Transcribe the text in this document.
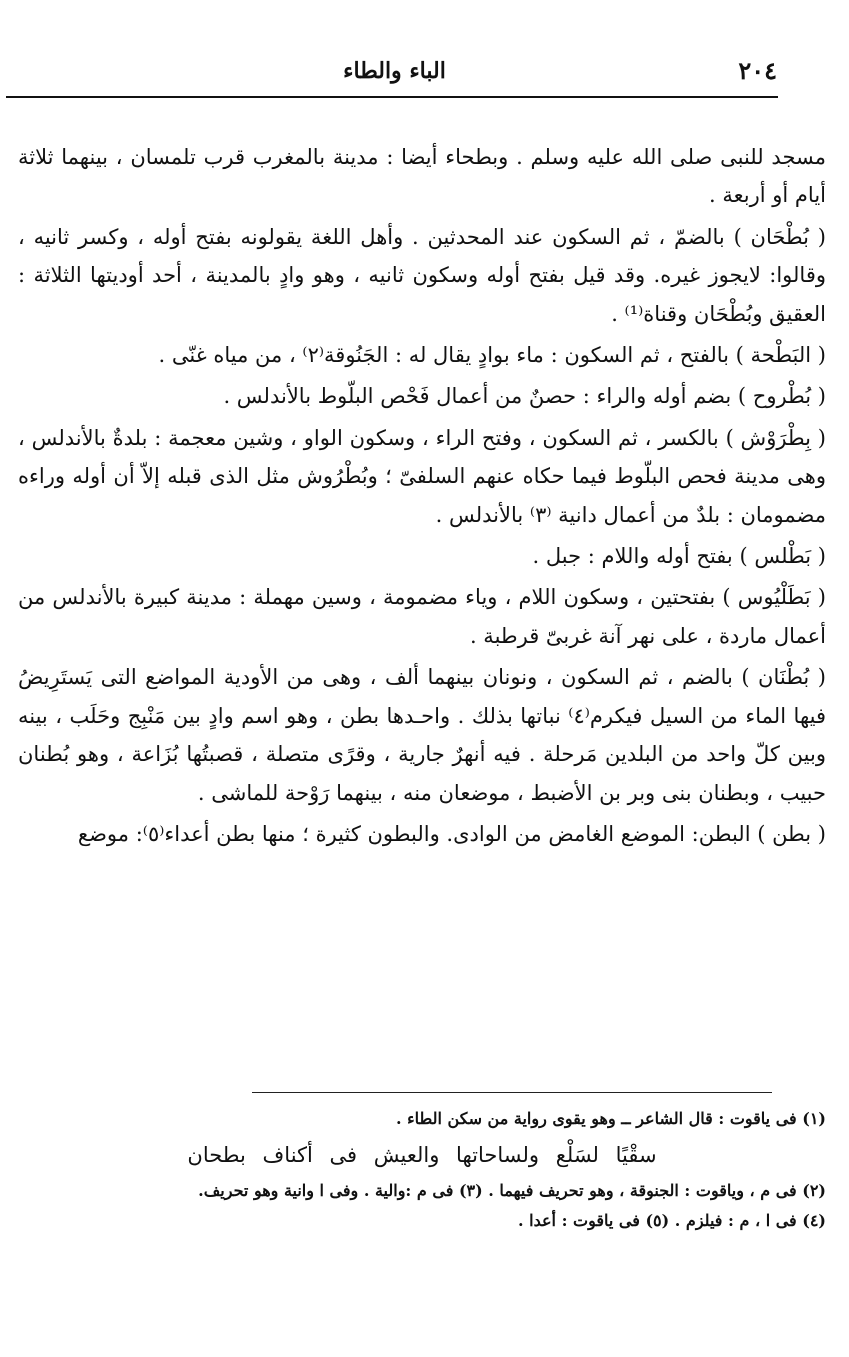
٢٠٤
الباء والطاء

مسجد للنبى صلى الله عليه وسلم . وبطحاء أيضا : مدينة بالمغرب قرب تلمسان ، بينهما ثلاثة أيام أو أربعة .

( بُطْحَان ) بالضمّ ، ثم السكون عند المحدثين . وأهل اللغة يقولونه بفتح أوله ، وكسر ثانيه ، وقالوا: لايجوز غيره. وقد قيل بفتح أوله وسكون ثانيه ، وهو وادٍ بالمدينة ، أحد أوديتها الثلاثة : العقيق وبُطْحَان وقناة⁽¹⁾ .

( البَطْحة ) بالفتح ، ثم السكون : ماء بوادٍ يقال له : الجَنُوقة⁽٢⁾ ، من مياه غنّى .

( بُطْروح ) بضم أوله والراء : حصنٌ من أعمال فَحْص البلّوط بالأندلس .

( بِطْرَوْش ) بالكسر ، ثم السكون ، وفتح الراء ، وسكون الواو ، وشين معجمة : بلدةٌ بالأندلس ، وهى مدينة فحص البلّوط فيما حكاه عنهم السلفىّ ؛ وبُطْرُوش مثل الذى قبله إلاّ أن أوله وراءه مضمومان : بلدٌ من أعمال دانية ⁽٣⁾ بالأندلس .

( بَطْلس ) بفتح أوله واللام : جبل .

( بَطَلْيُوس ) بفتحتين ، وسكون اللام ، وياء مضمومة ، وسين مهملة : مدينة كبيرة بالأندلس من أعمال ماردة ، على نهر آنة غربىّ قرطبة .

( بُطْنَان ) بالضم ، ثم السكون ، ونونان بينهما ألف ، وهى من الأودية المواضع التى يَستَرِيضُ فيها الماء من السيل فيكرم⁽٤⁾ نباتها بذلك . واحـدها بطن ، وهو اسم وادٍ بين مَنْبِج وحَلَب ، بينه وبين كلّ واحد من البلدين مَرحلة . فيه أنهرٌ جارية ، وقرًى متصلة ، قصبتُها بُزَاعة ، وهو بُطنان حبيب ، وبطنان بنى وبر بن الأضبط ، موضعان منه ، بينهما رَوْحة للماشى .

( بطن ) البطن: الموضع الغامض من الوادى. والبطون كثيرة ؛ منها بطن أعداء⁽٥⁾: موضع

(١) فى ياقوت : قال الشاعر ــ وهو يقوى رواية من سكن الطاء .

سقْيًا لسَلْع ولساحاتها والعيش فى أكناف بطحان

(٢) فى م ، وياقوت : الجنوقة ، وهو تحريف فيهما . (٣) فى م :والية . وفى ا وانية وهو تحريف.

(٤) فى ا ، م : فيلزم . (٥) فى ياقوت : أعدا .
